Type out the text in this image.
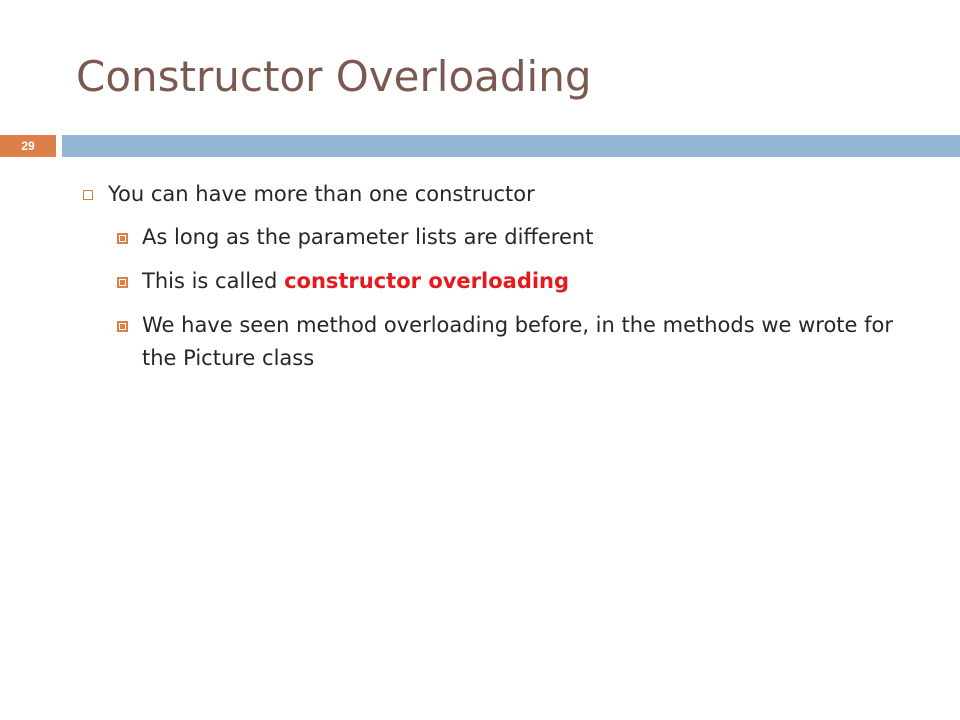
Constructor Overloading
29
You can have more than one constructor
As long as the parameter lists are different
This is called constructor overloading
We have seen method overloading before, in the methods we wrote for the Picture class
